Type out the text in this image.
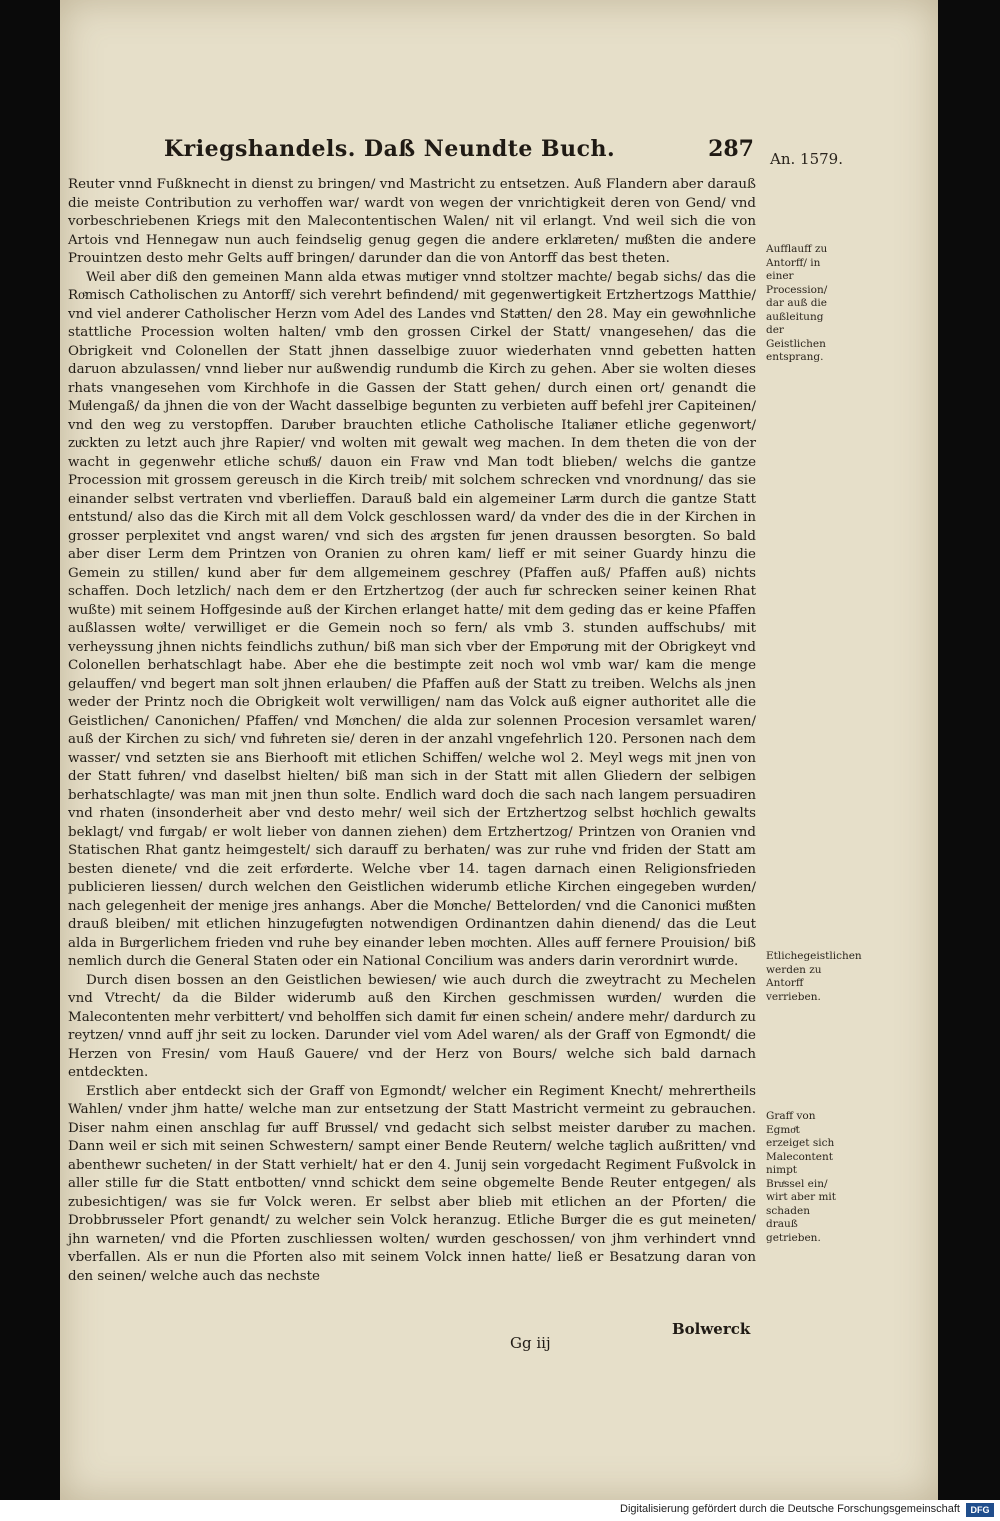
Kriegshandels. Daß Neundte Buch.	287 An. 1579.

Reuter vnnd Fußknecht in dienst zu bringen/ vnd Mastricht zu entsetzen. Auß Flandern aber darauß die meiste Contribution zu verhoffen war/ wardt von wegen der vnrichtigkeit deren von Gend/ vnd vorbeschriebenen Kriegs mit den Malecontentischen Walen/ nit vil erlangt. Vnd weil sich die von Artois vnd Hennegaw nun auch feindselig genug gegen die andere erklaͤreten/ muͤßten die andere Prouintzen desto mehr Gelts auff bringen/ darunder dan die von Antorff das best theten.

Weil aber diß den gemeinen Mann alda etwas muͤtiger vnnd stoltzer machte/ begab sichs/ das die Roͤmisch Catholischen zu Antorff/ sich verehrt befindend/ mit gegenwertigkeit Ertzhertzogs Matthie/ vnd viel anderer Catholischer Herzn vom Adel des Landes vnd Staͤtten/ den 28. May ein gewoͤhnliche stattliche Procession wolten halten/ vmb den grossen Cirkel der Statt/ vnangesehen/ das die Obrigkeit vnd Colonellen der Statt jhnen dasselbige zuuor wiederhaten vnnd gebetten hatten daruon abzulassen/ vnnd lieber nur außwendig rundumb die Kirch zu gehen. Aber sie wolten dieses rhats vnangesehen vom Kirchhofe in die Gassen der Statt gehen/ durch einen ort/ genandt die Muͤlengaß/ da jhnen die von der Wacht dasselbige begunten zu verbieten auff befehl jrer Capiteinen/ vnd den weg zu verstopffen. Daruͤber brauchten etliche Catholische Italiaͤner etliche gegenwort/ zuͤckten zu letzt auch jhre Rapier/ vnd wolten mit gewalt weg machen. In dem theten die von der wacht in gegenwehr etliche schuͤß/ dauon ein Fraw vnd Man todt blieben/ welchs die gantze Procession mit grossem gereusch in die Kirch treib/ mit solchem schrecken vnd vnordnung/ das sie einander selbst vertraten vnd vberlieffen. Darauß bald ein algemeiner Laͤrm durch die gantze Statt entstund/ also das die Kirch mit all dem Volck geschlossen ward/ da vnder des die in der Kirchen in grosser perplexitet vnd angst waren/ vnd sich des aͤrgsten fuͤr jenen draussen besorgten. So bald aber diser Lerm dem Printzen von Oranien zu ohren kam/ lieff er mit seiner Guardy hinzu die Gemein zu stillen/ kund aber fuͤr dem allgemeinem geschrey (Pfaffen auß/ Pfaffen auß) nichts schaffen. Doch letzlich/ nach dem er den Ertzhertzog (der auch fuͤr schrecken seiner keinen Rhat wußte) mit seinem Hoffgesinde auß der Kirchen erlanget hatte/ mit dem geding das er keine Pfaffen außlassen woͤlte/ verwilliget er die Gemein noch so fern/ als vmb 3. stunden auffschubs/ mit verheyssung jhnen nichts feindlichs zuthun/ biß man sich vber der Empoͤrung mit der Obrigkeyt vnd Colonellen berhatschlagt habe. Aber ehe die bestimpte zeit noch wol vmb war/ kam die menge gelauffen/ vnd begert man solt jhnen erlauben/ die Pfaffen auß der Statt zu treiben. Welchs als jnen weder der Printz noch die Obrigkeit wolt verwilligen/ nam das Volck auß eigner authoritet alle die Geistlichen/ Canonichen/ Pfaffen/ vnd Moͤnchen/ die alda zur solennen Procesion versamlet waren/ auß der Kirchen zu sich/ vnd fuͤhreten sie/ deren in der anzahl vngefehrlich 120. Personen nach dem wasser/ vnd setzten sie ans Bierhooft mit etlichen Schiffen/ welche wol 2. Meyl wegs mit jnen von der Statt fuͤhren/ vnd daselbst hielten/ biß man sich in der Statt mit allen Gliedern der selbigen berhatschlagte/ was man mit jnen thun solte. Endlich ward doch die sach nach langem persuadiren vnd rhaten (insonderheit aber vnd desto mehr/ weil sich der Ertzhertzog selbst hoͤchlich gewalts beklagt/ vnd fuͤrgab/ er wolt lieber von dannen ziehen) dem Ertzhertzog/ Printzen von Oranien vnd Statischen Rhat gantz heimgestelt/ sich darauff zu berhaten/ was zur ruhe vnd friden der Statt am besten dienete/ vnd die zeit erfoͤrderte. Welche vber 14. tagen darnach einen Religionsfrieden publicieren liessen/ durch welchen den Geistlichen widerumb etliche Kirchen eingegeben wuͤrden/ nach gelegenheit der menige jres anhangs. Aber die Moͤnche/ Bettelorden/ vnd die Canonici muͤßten drauß bleiben/ mit etlichen hinzugefuͤgten notwendigen Ordinantzen dahin dienend/ das die Leut alda in Buͤrgerlichem frieden vnd ruhe bey einander leben moͤchten. Alles auff fernere Prouision/ biß nemlich durch die General Staten oder ein National Concilium was anders darin verordnirt wuͤrde.

Durch disen bossen an den Geistlichen bewiesen/ wie auch durch die zweytracht zu Mechelen vnd Vtrecht/ da die Bilder widerumb auß den Kirchen geschmissen wuͤrden/ wuͤrden die Malecontenten mehr verbittert/ vnd beholffen sich damit fuͤr einen schein/ andere mehr/ dardurch zu reytzen/ vnnd auff jhr seit zu locken. Darunder viel vom Adel waren/ als der Graff von Egmondt/ die Herzen von Fresin/ vom Hauß Gauere/ vnd der Herz von Bours/ welche sich bald darnach entdeckten.

Erstlich aber entdeckt sich der Graff von Egmondt/ welcher ein Regiment Knecht/ mehrertheils Wahlen/ vnder jhm hatte/ welche man zur entsetzung der Statt Mastricht vermeint zu gebrauchen. Diser nahm einen anschlag fuͤr auff Bruͤssel/ vnd gedacht sich selbst meister daruͤber zu machen. Dann weil er sich mit seinen Schwestern/ sampt einer Bende Reutern/ welche taͤglich außritten/ vnd abenthewr sucheten/ in der Statt verhielt/ hat er den 4. Junij sein vorgedacht Regiment Fußvolck in aller stille fuͤr die Statt entbotten/ vnnd schickt dem seine obgemelte Bende Reuter entgegen/ als zubesichtigen/ was sie fuͤr Volck weren. Er selbst aber blieb mit etlichen an der Pforten/ die Drobbruͤsseler Pfort genandt/ zu welcher sein Volck heranzug. Etliche Buͤrger die es gut meineten/ jhn warneten/ vnd die Pforten zuschliessen wolten/ wuͤrden geschossen/ von jhm verhindert vnnd vberfallen. Als er nun die Pforten also mit seinem Volck innen hatte/ ließ er Besatzung daran von den seinen/ welche auch das nechste

Aufflauff zu Antorff/ in einer Procession/ dar auß die außleitung der Geistlichen entsprang.
Etlichegeistlichen werden zu Antorff verrieben.
Graff von Egmoͤt erzeiget sich Malecontent nimpt Bruͤssel ein/ wirt aber mit schaden drauß getrieben.
Gg iij
Bolwerck
Digitalisierung gefördert durch die Deutsche Forschungsgemeinschaft	DFG
